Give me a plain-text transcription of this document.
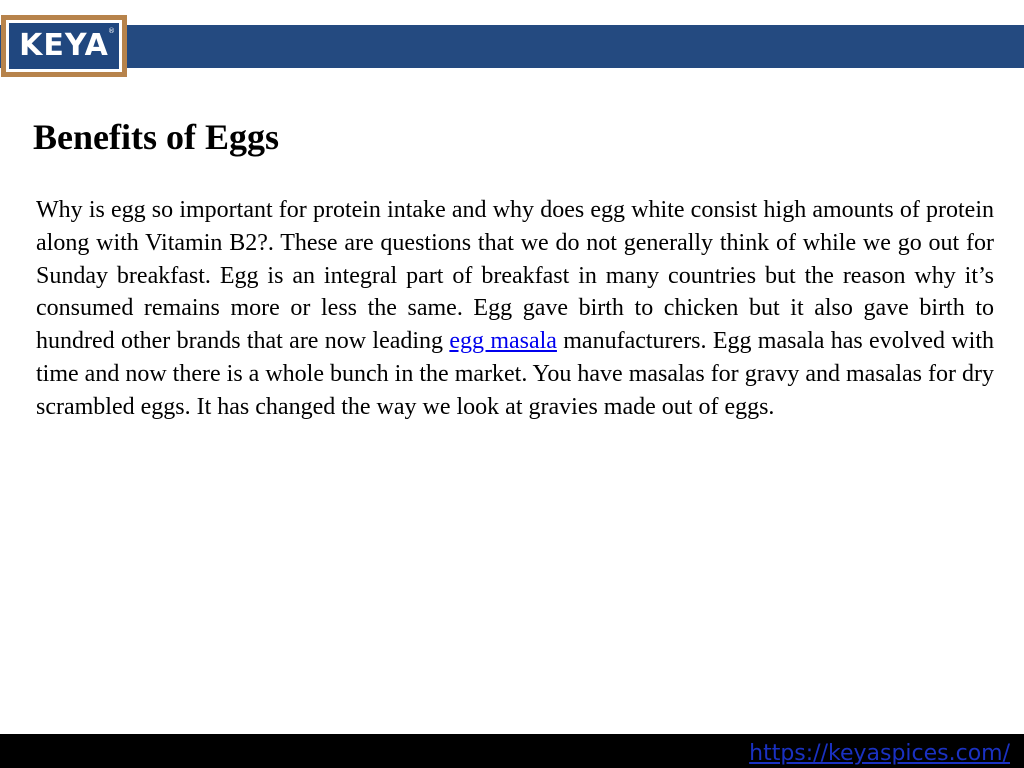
KEYA ®
Benefits of Eggs

Why is egg so important for protein intake and why does egg white consist high amounts of protein along with Vitamin B2?. These are questions that we do not generally think of while we go out for Sunday breakfast. Egg is an integral part of breakfast in many countries but the reason why it’s consumed remains more or less the same. Egg gave birth to chicken but it also gave birth to hundred other brands that are now leading egg masala manufacturers. Egg masala has evolved with time and now there is a whole bunch in the market. You have masalas for gravy and masalas for dry scrambled eggs. It has changed the way we look at gravies made out of eggs.

https://keyaspices.com/
